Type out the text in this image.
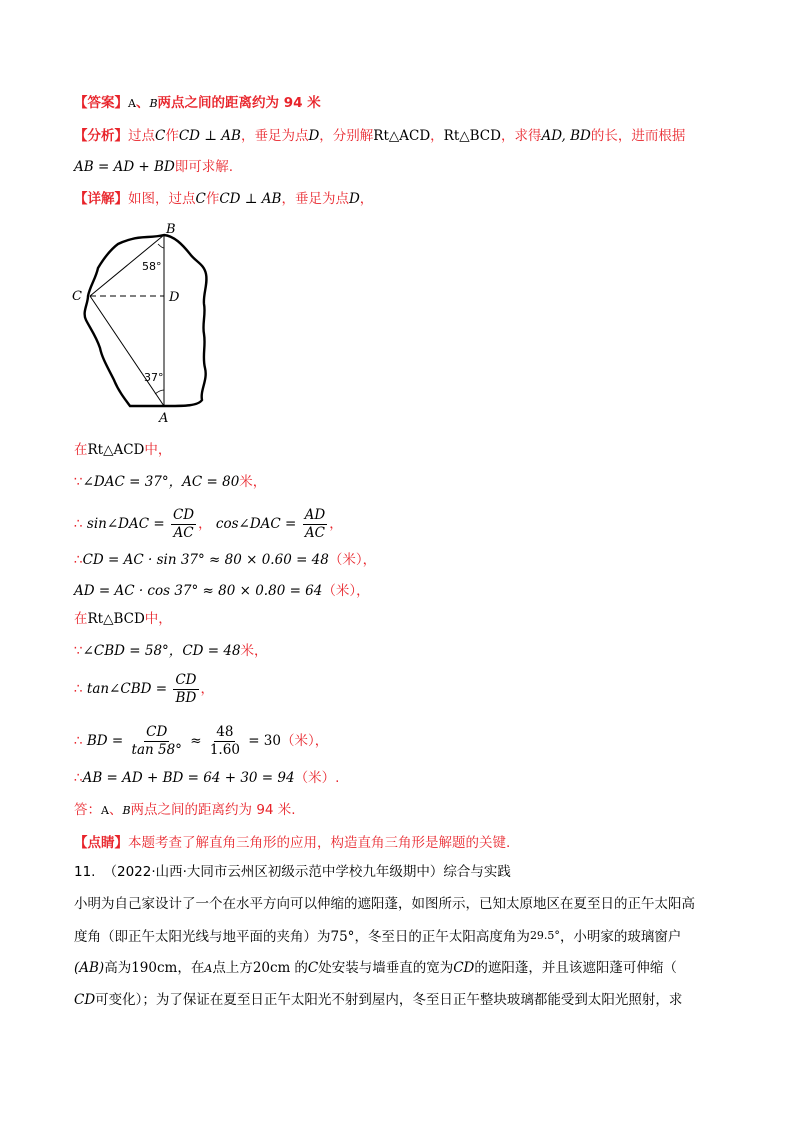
【答案】A、B两点之间的距离约为 94 米
【分析】过点C作CD ⊥ AB，垂足为点D，分别解Rt△ACD，Rt△BCD，求得AD, BD的长，进而根据
AB = AD + BD即可求解.
【详解】如图，过点C作CD ⊥ AB，垂足为点D，
B
C	D
A
58°
37°
在Rt△ACD中，
∵∠DAC = 37°，AC = 80米，
∴ sin∠DAC = $\frac{CD}{AC}$ ， cos∠DAC = $\frac{AD}{AC}$ ，
∴CD = AC · sin 37° ≈ 80 × 0.60 = 48（米），
AD = AC · cos 37° ≈ 80 × 0.80 = 64（米），
在Rt△BCD中，
∵∠CBD = 58°，CD = 48米，
∴ tan∠CBD = $\frac{CD}{BD}$ ，
∴ BD = $\frac{CD}{\tan 58^\circ} \approx \frac{48}{1.60} = 30$（米），
∴AB = AD + BD = 64 + 30 = 94（米）.
答：A、B两点之间的距离约为 94 米.
【点睛】本题考查了解直角三角形的应用，构造直角三角形是解题的关键.
11. （2022·山西·大同市云州区初级示范中学校九年级期中）综合与实践
小明为自己家设计了一个在水平方向可以伸缩的遮阳蓬，如图所示，已知太原地区在夏至日的正午太阳高
度角（即正午太阳光线与地平面的夹角）为75°，冬至日的正午太阳高度角为29.5°，小明家的玻璃窗户
(AB)高为190cm，在A点上方20cm 的C处安装与墙垂直的宽为CD的遮阳蓬，并且该遮阳蓬可伸缩（
CD可变化）；为了保证在夏至日正午太阳光不射到屋内，冬至日正午整块玻璃都能受到太阳光照射，求
